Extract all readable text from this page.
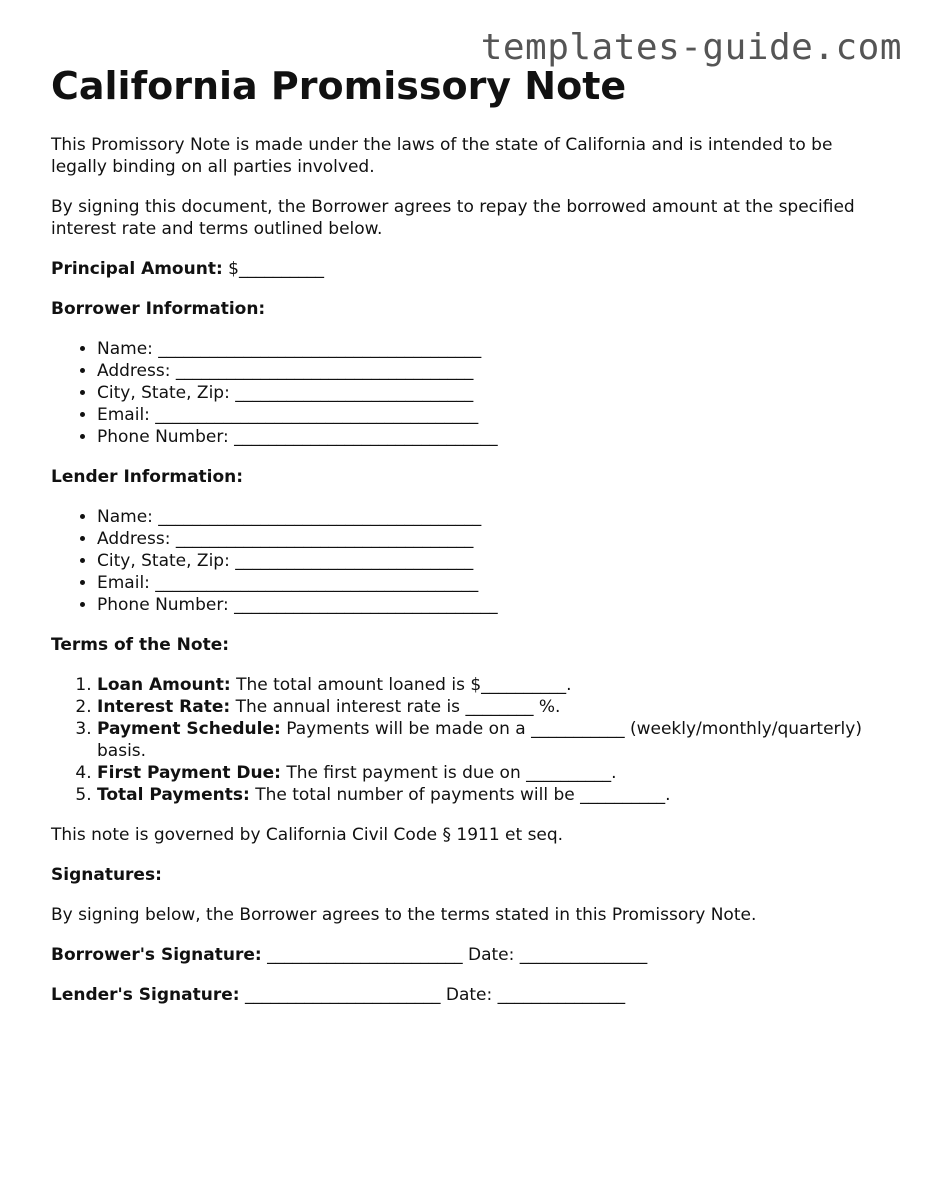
templates-guide.com
California Promissory Note

This Promissory Note is made under the laws of the state of California and is intended to be legally binding on all parties involved.

By signing this document, the Borrower agrees to repay the borrowed amount at the specified interest rate and terms outlined below.

Principal Amount: $__________

Borrower Information:

• Name: ______________________________________
• Address: ___________________________________
• City, State, Zip: ____________________________
• Email: ______________________________________
• Phone Number: _______________________________

Lender Information:

• Name: ______________________________________
• Address: ___________________________________
• City, State, Zip: ____________________________
• Email: ______________________________________
• Phone Number: _______________________________

Terms of the Note:

1. Loan Amount: The total amount loaned is $__________.
2. Interest Rate: The annual interest rate is ________ %.
3. Payment Schedule: Payments will be made on a ___________ (weekly/monthly/quarterly) basis.
4. First Payment Due: The first payment is due on __________.
5. Total Payments: The total number of payments will be __________.

This note is governed by California Civil Code § 1911 et seq.

Signatures:

By signing below, the Borrower agrees to the terms stated in this Promissory Note.

Borrower's Signature: _______________________ Date: _______________

Lender's Signature: _______________________ Date: _______________
